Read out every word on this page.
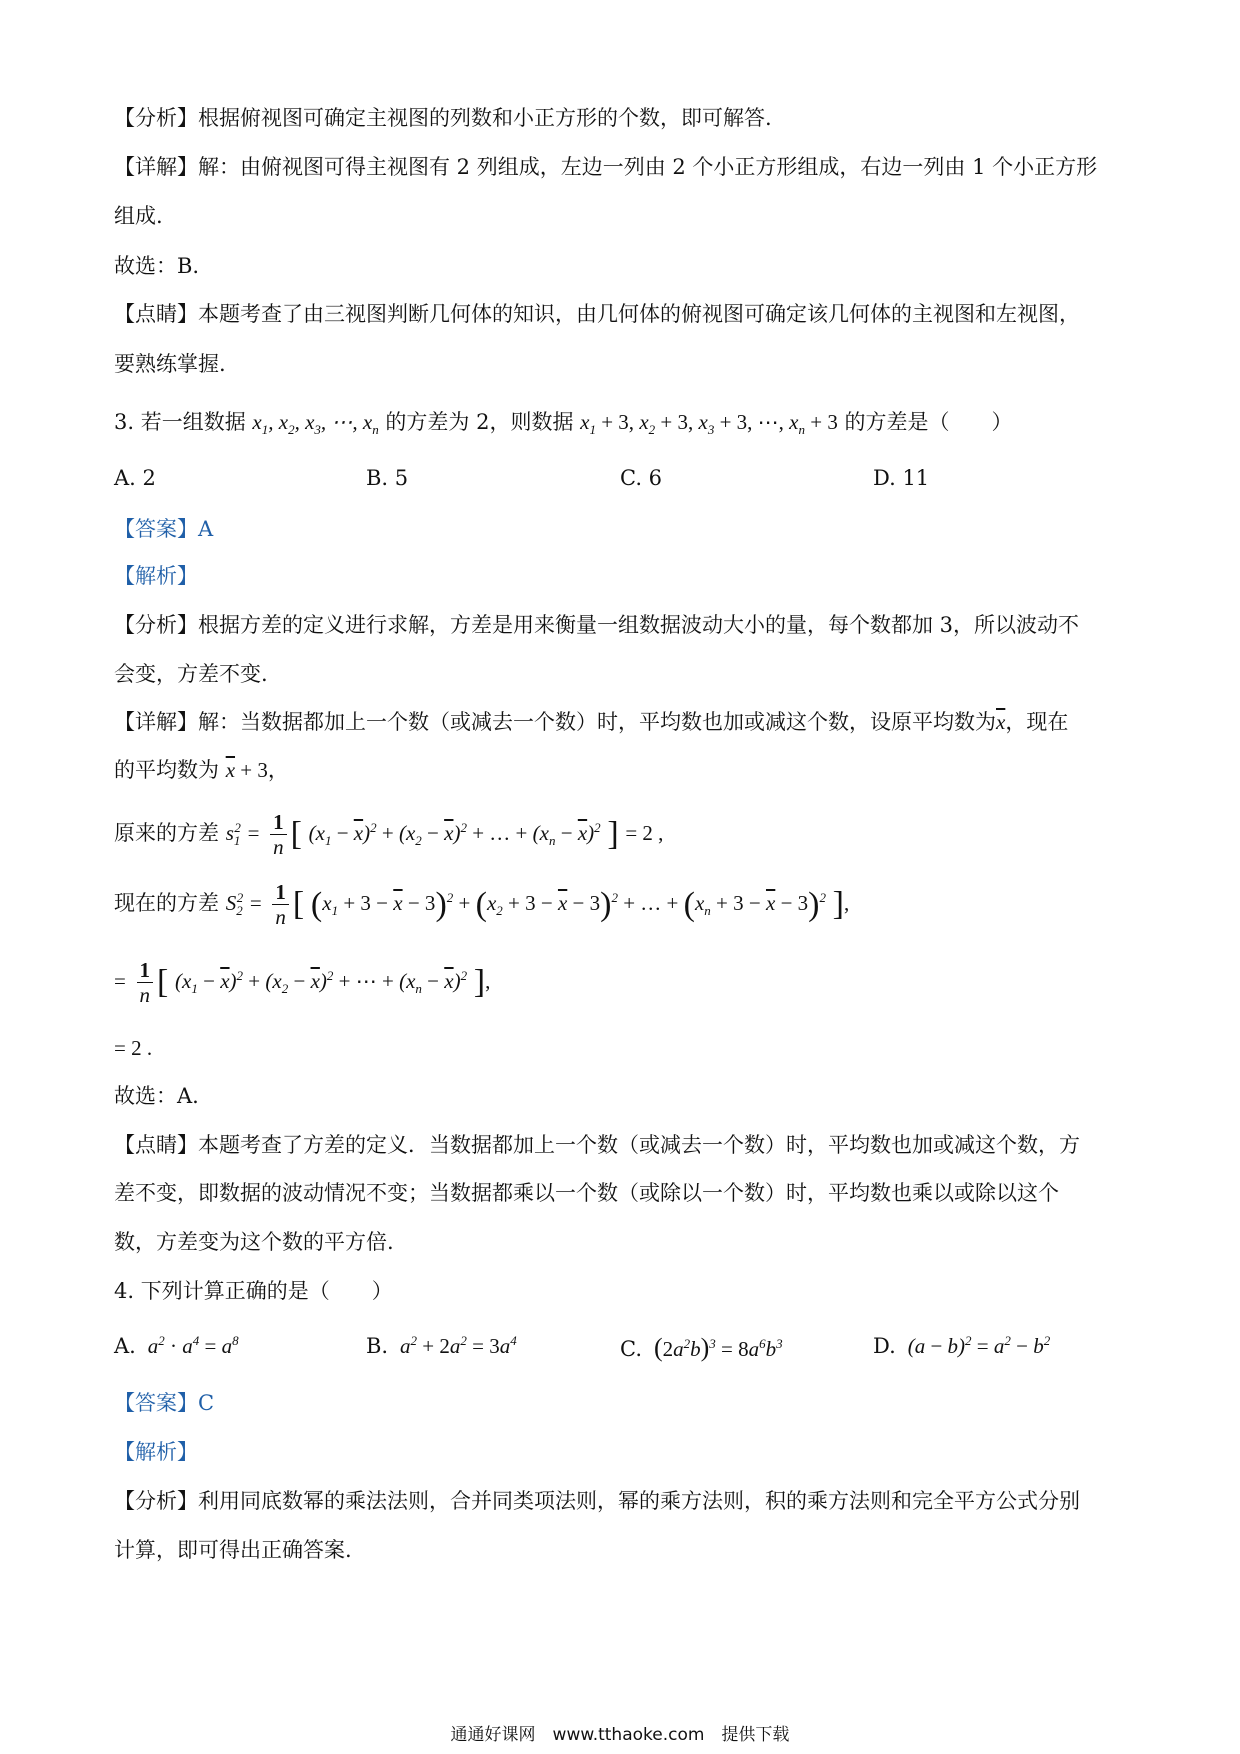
【分析】根据俯视图可确定主视图的列数和小正方形的个数，即可解答.
【详解】解：由俯视图可得主视图有 2 列组成，左边一列由 2 个小正方形组成，右边一列由 1 个小正方形
组成.
故选：B.
【点睛】本题考查了由三视图判断几何体的知识，由几何体的俯视图可确定该几何体的主视图和左视图，
要熟练掌握.
3. 若一组数据 $x_1$, $x_2$, $x_3$, ⋯, $x_n$ 的方差为 2，则数据 $x_1 + 3$, $x_2 + 3$, $x_3 + 3$, ⋯, $x_n + 3$ 的方差是（　　）
A. 2	B. 5	C. 6	D. 11
【答案】A
【解析】
【分析】根据方差的定义进行求解，方差是用来衡量一组数据波动大小的量，每个数都加 3，所以波动不
会变，方差不变.
【详解】解：当数据都加上一个数（或减去一个数）时，平均数也加或减这个数，设原平均数为$\overline{x}$，现在
的平均数为 $\overline{x} + 3$，
原来的方差 $s_1^2 = \frac{1}{n}$ [ $(x_1 - \overline{x})^2 + (x_2 - \overline{x})^2$ + … + $(x_n - \overline{x})^2$ ] = 2 ,
现在的方差 $S_2^2 = \frac{1}{n}$ [ $(x_1 + 3 - \overline{x} - 3)^2 + (x_2 + 3 - \overline{x} - 3)^2$ + … + $(x_n + 3 - \overline{x} - 3)^2$ ],
= $\frac{1}{n}$ [ $(x_1 - \overline{x})^2 + (x_2 - \overline{x})^2$ + ⋯ + $(x_n - \overline{x})^2$ ],
= 2 .
故选：A.
【点睛】本题考查了方差的定义．当数据都加上一个数（或减去一个数）时，平均数也加或减这个数，方
差不变，即数据的波动情况不变；当数据都乘以一个数（或除以一个数）时，平均数也乘以或除以这个
数，方差变为这个数的平方倍.
4. 下列计算正确的是（　　）
A.  $a^2 \cdot a^4 = a^8$	B.  $a^2 + 2a^2 = 3a^4$	C. $(2a^2b)^3 = 8a^6b^3$	D.  $(a - b)^2 = a^2 - b^2$
【答案】C
【解析】
【分析】利用同底数幂的乘法法则，合并同类项法则，幂的乘方法则，积的乘方法则和完全平方公式分别
计算，即可得出正确答案.
通通好课网　www.tthaoke.com　提供下载
